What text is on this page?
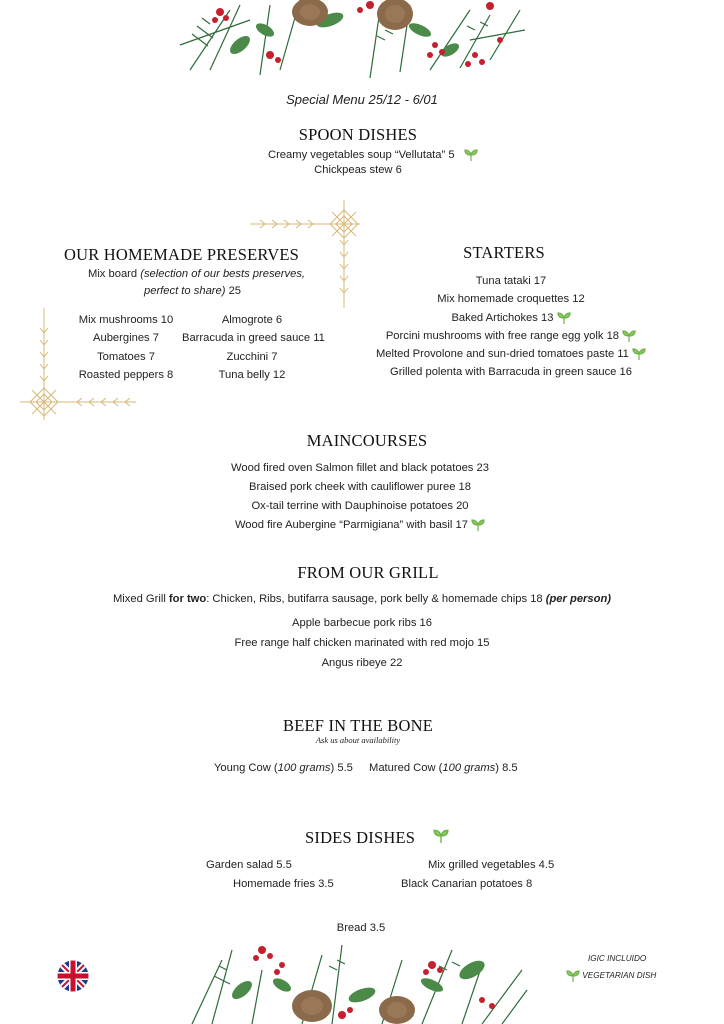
Special Menu 25/12 - 6/01
SPOON DISHES
Creamy vegetables soup “Vellutata” 5
Chickpeas stew 6
OUR HOMEMADE PRESERVES
Mix board (selection of our bests preserves,
perfect to share) 25
Mix mushrooms 10
Aubergines 7
Tomatoes 7
Roasted peppers 8
Almogrote 6
Barracuda in greed sauce 11
Zucchini 7
Tuna belly 12
STARTERS
Tuna tataki 17
Mix homemade croquettes 12
Baked Artichokes 13
Porcini mushrooms with free range egg yolk 18
Melted Provolone and sun-dried tomatoes paste 11
Grilled polenta with Barracuda in green sauce 16
MAINCOURSES
Wood fired oven Salmon fillet and black potatoes 23
Braised pork cheek with cauliflower puree 18
Ox-tail terrine with Dauphinoise potatoes 20
Wood fire Aubergine “Parmigiana” with basil 17
FROM OUR GRILL
Mixed Grill for two: Chicken, Ribs, butifarra sausage, pork belly & homemade chips 18 (per person)
Apple barbecue pork ribs 16
Free range half chicken marinated with red mojo 15
Angus ribeye 22
BEEF IN THE BONE
Ask us about availability
Young Cow (100 grams) 5.5 Matured Cow (100 grams) 8.5
SIDES DISHES
Garden salad 5.5
Homemade fries 3.5
Mix grilled vegetables 4.5
Black Canarian potatoes 8
Bread 3.5
IGIC INCLUIDO
VEGETARIAN DISH
